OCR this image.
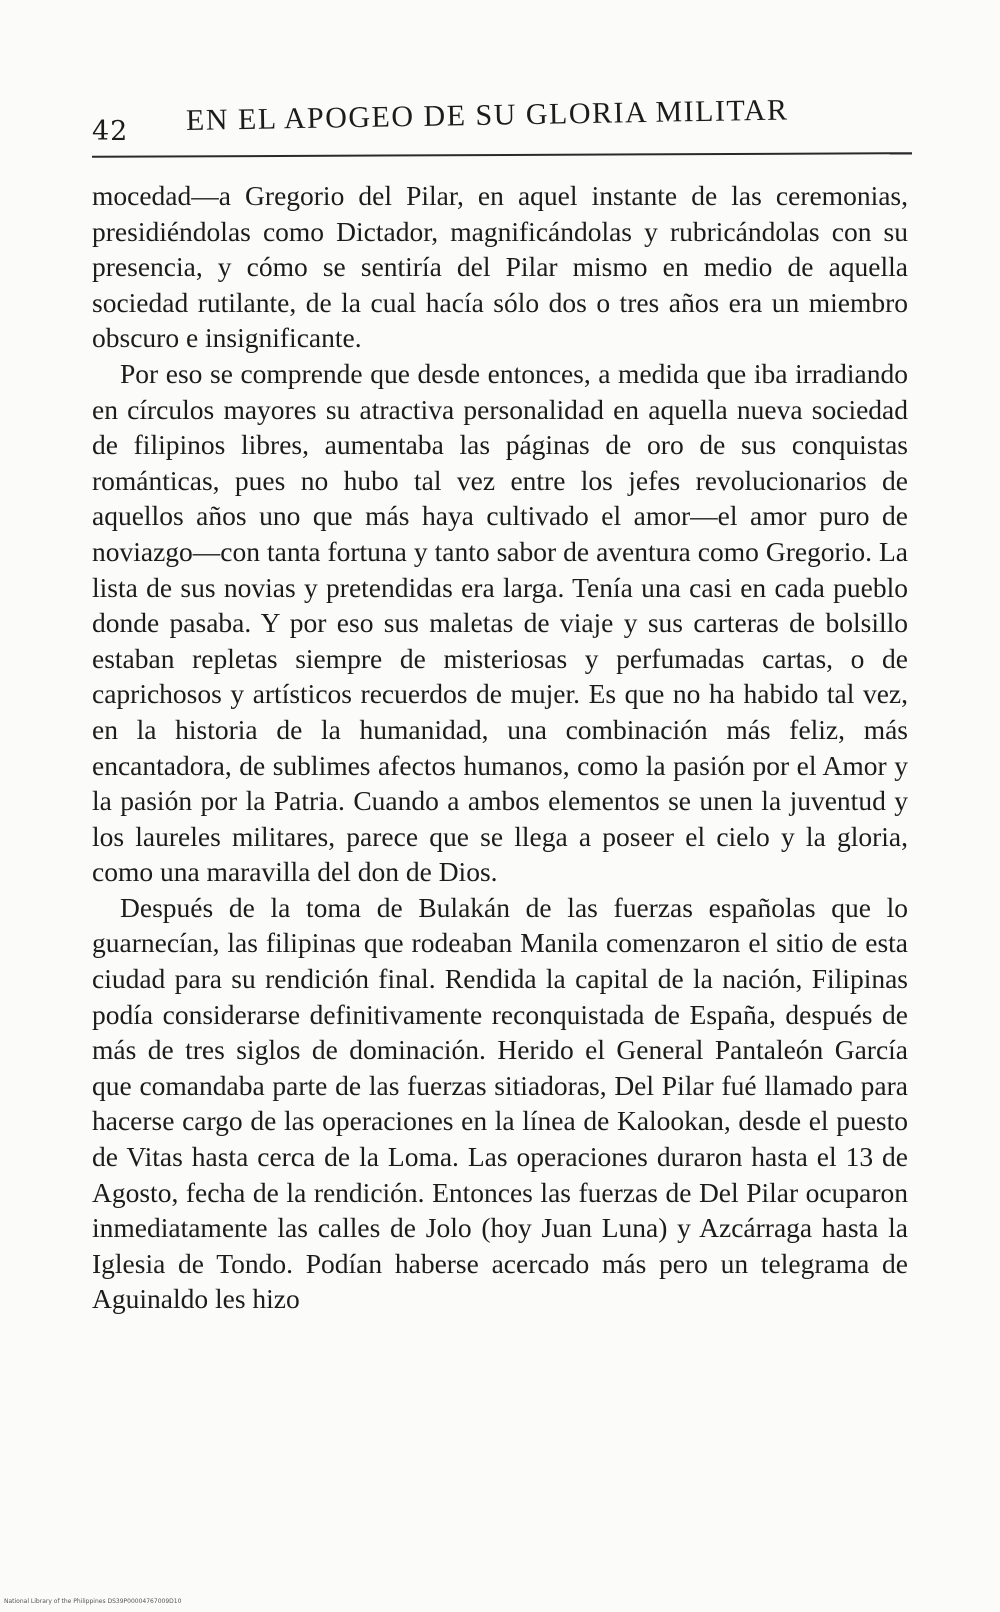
42 EN EL APOGEO DE SU GLORIA MILITAR

mocedad—a Gregorio del Pilar, en aquel instante de las ceremonias, presidiéndolas como Dictador, magnificándolas y rubricándolas con su presencia, y cómo se sentiría del Pilar mismo en medio de aquella sociedad rutilante, de la cual hacía sólo dos o tres años era un miembro obscuro e insignificante.

Por eso se comprende que desde entonces, a medida que iba irradiando en círculos mayores su atractiva personalidad en aquella nueva sociedad de filipinos libres, aumentaba las páginas de oro de sus conquistas románticas, pues no hubo tal vez entre los jefes revolucionarios de aquellos años uno que más haya cultivado el amor—el amor puro de noviazgo—con tanta fortuna y tanto sabor de aventura como Gregorio. La lista de sus novias y pretendidas era larga. Tenía una casi en cada pueblo donde pasaba. Y por eso sus maletas de viaje y sus carteras de bolsillo estaban repletas siempre de misteriosas y perfumadas cartas, o de caprichosos y artísticos recuerdos de mujer. Es que no ha habido tal vez, en la historia de la humanidad, una combinación más feliz, más encantadora, de sublimes afectos humanos, como la pasión por el Amor y la pasión por la Patria. Cuando a ambos elementos se unen la juventud y los laureles militares, parece que se llega a poseer el cielo y la gloria, como una maravilla del don de Dios.

Después de la toma de Bulakán de las fuerzas españolas que lo guarnecían, las filipinas que rodeaban Manila comenzaron el sitio de esta ciudad para su rendición final. Rendida la capital de la nación, Filipinas podía considerarse definitivamente reconquistada de España, después de más de tres siglos de dominación. Herido el General Pantaleón García que comandaba parte de las fuerzas sitiadoras, Del Pilar fué llamado para hacerse cargo de las operaciones en la línea de Kalookan, desde el puesto de Vitas hasta cerca de la Loma. Las operaciones duraron hasta el 13 de Agosto, fecha de la rendición. Entonces las fuerzas de Del Pilar ocuparon inmediatamente las calles de Jolo (hoy Juan Luna) y Azcárraga hasta la Iglesia de Tondo. Podían haberse acercado más pero un telegrama de Aguinaldo les hizo

National Library of the Philippines DS39P00004767009D10
